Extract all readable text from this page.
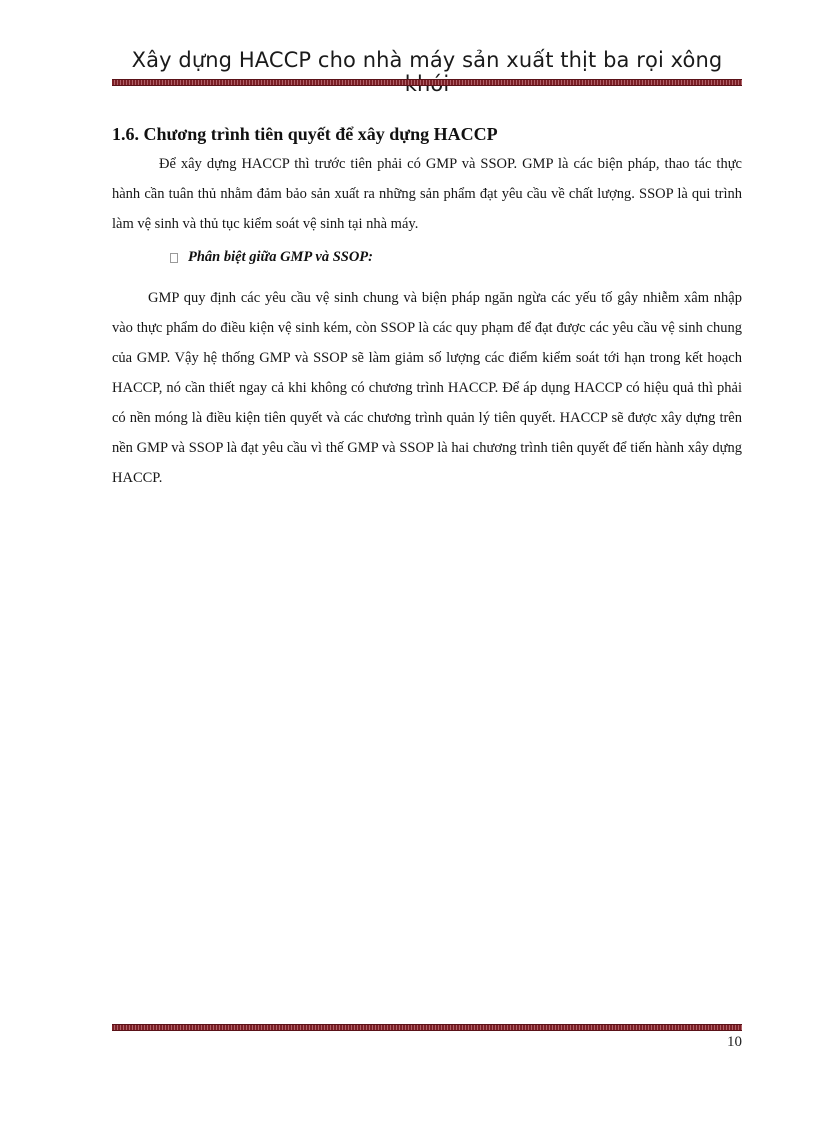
Xây dựng HACCP cho nhà máy sản xuất thịt ba rọi xông
1.6. Chương trình tiên quyết để xây dựng HACCP

Để xây dựng HACCP thì trước tiên phải có GMP và SSOP. GMP là các biện pháp, thao tác thực hành cần tuân thủ nhằm đảm bảo sản xuất ra những sản phẩm đạt yêu cầu về chất lượng. SSOP là qui trình làm vệ sinh và thủ tục kiểm soát vệ sinh tại nhà máy.

Phân biệt giữa GMP và SSOP:

GMP quy định các yêu cầu vệ sinh chung và biện pháp ngăn ngừa các yếu tố gây nhiễm xâm nhập vào thực phẩm do điều kiện vệ sinh kém, còn SSOP là các quy phạm để đạt được các yêu cầu vệ sinh chung của GMP. Vậy hệ thống GMP và SSOP sẽ làm giảm số lượng các điểm kiểm soát tới hạn trong kết hoạch HACCP, nó cần thiết ngay cả khi không có chương trình HACCP. Để áp dụng HACCP có hiệu quả thì phải có nền móng là điều kiện tiên quyết và các chương trình quản lý tiên quyết. HACCP sẽ được xây dựng trên nền GMP và SSOP là đạt yêu cầu vì thế GMP và SSOP là hai chương trình tiên quyết để tiến hành xây dựng HACCP.

10
